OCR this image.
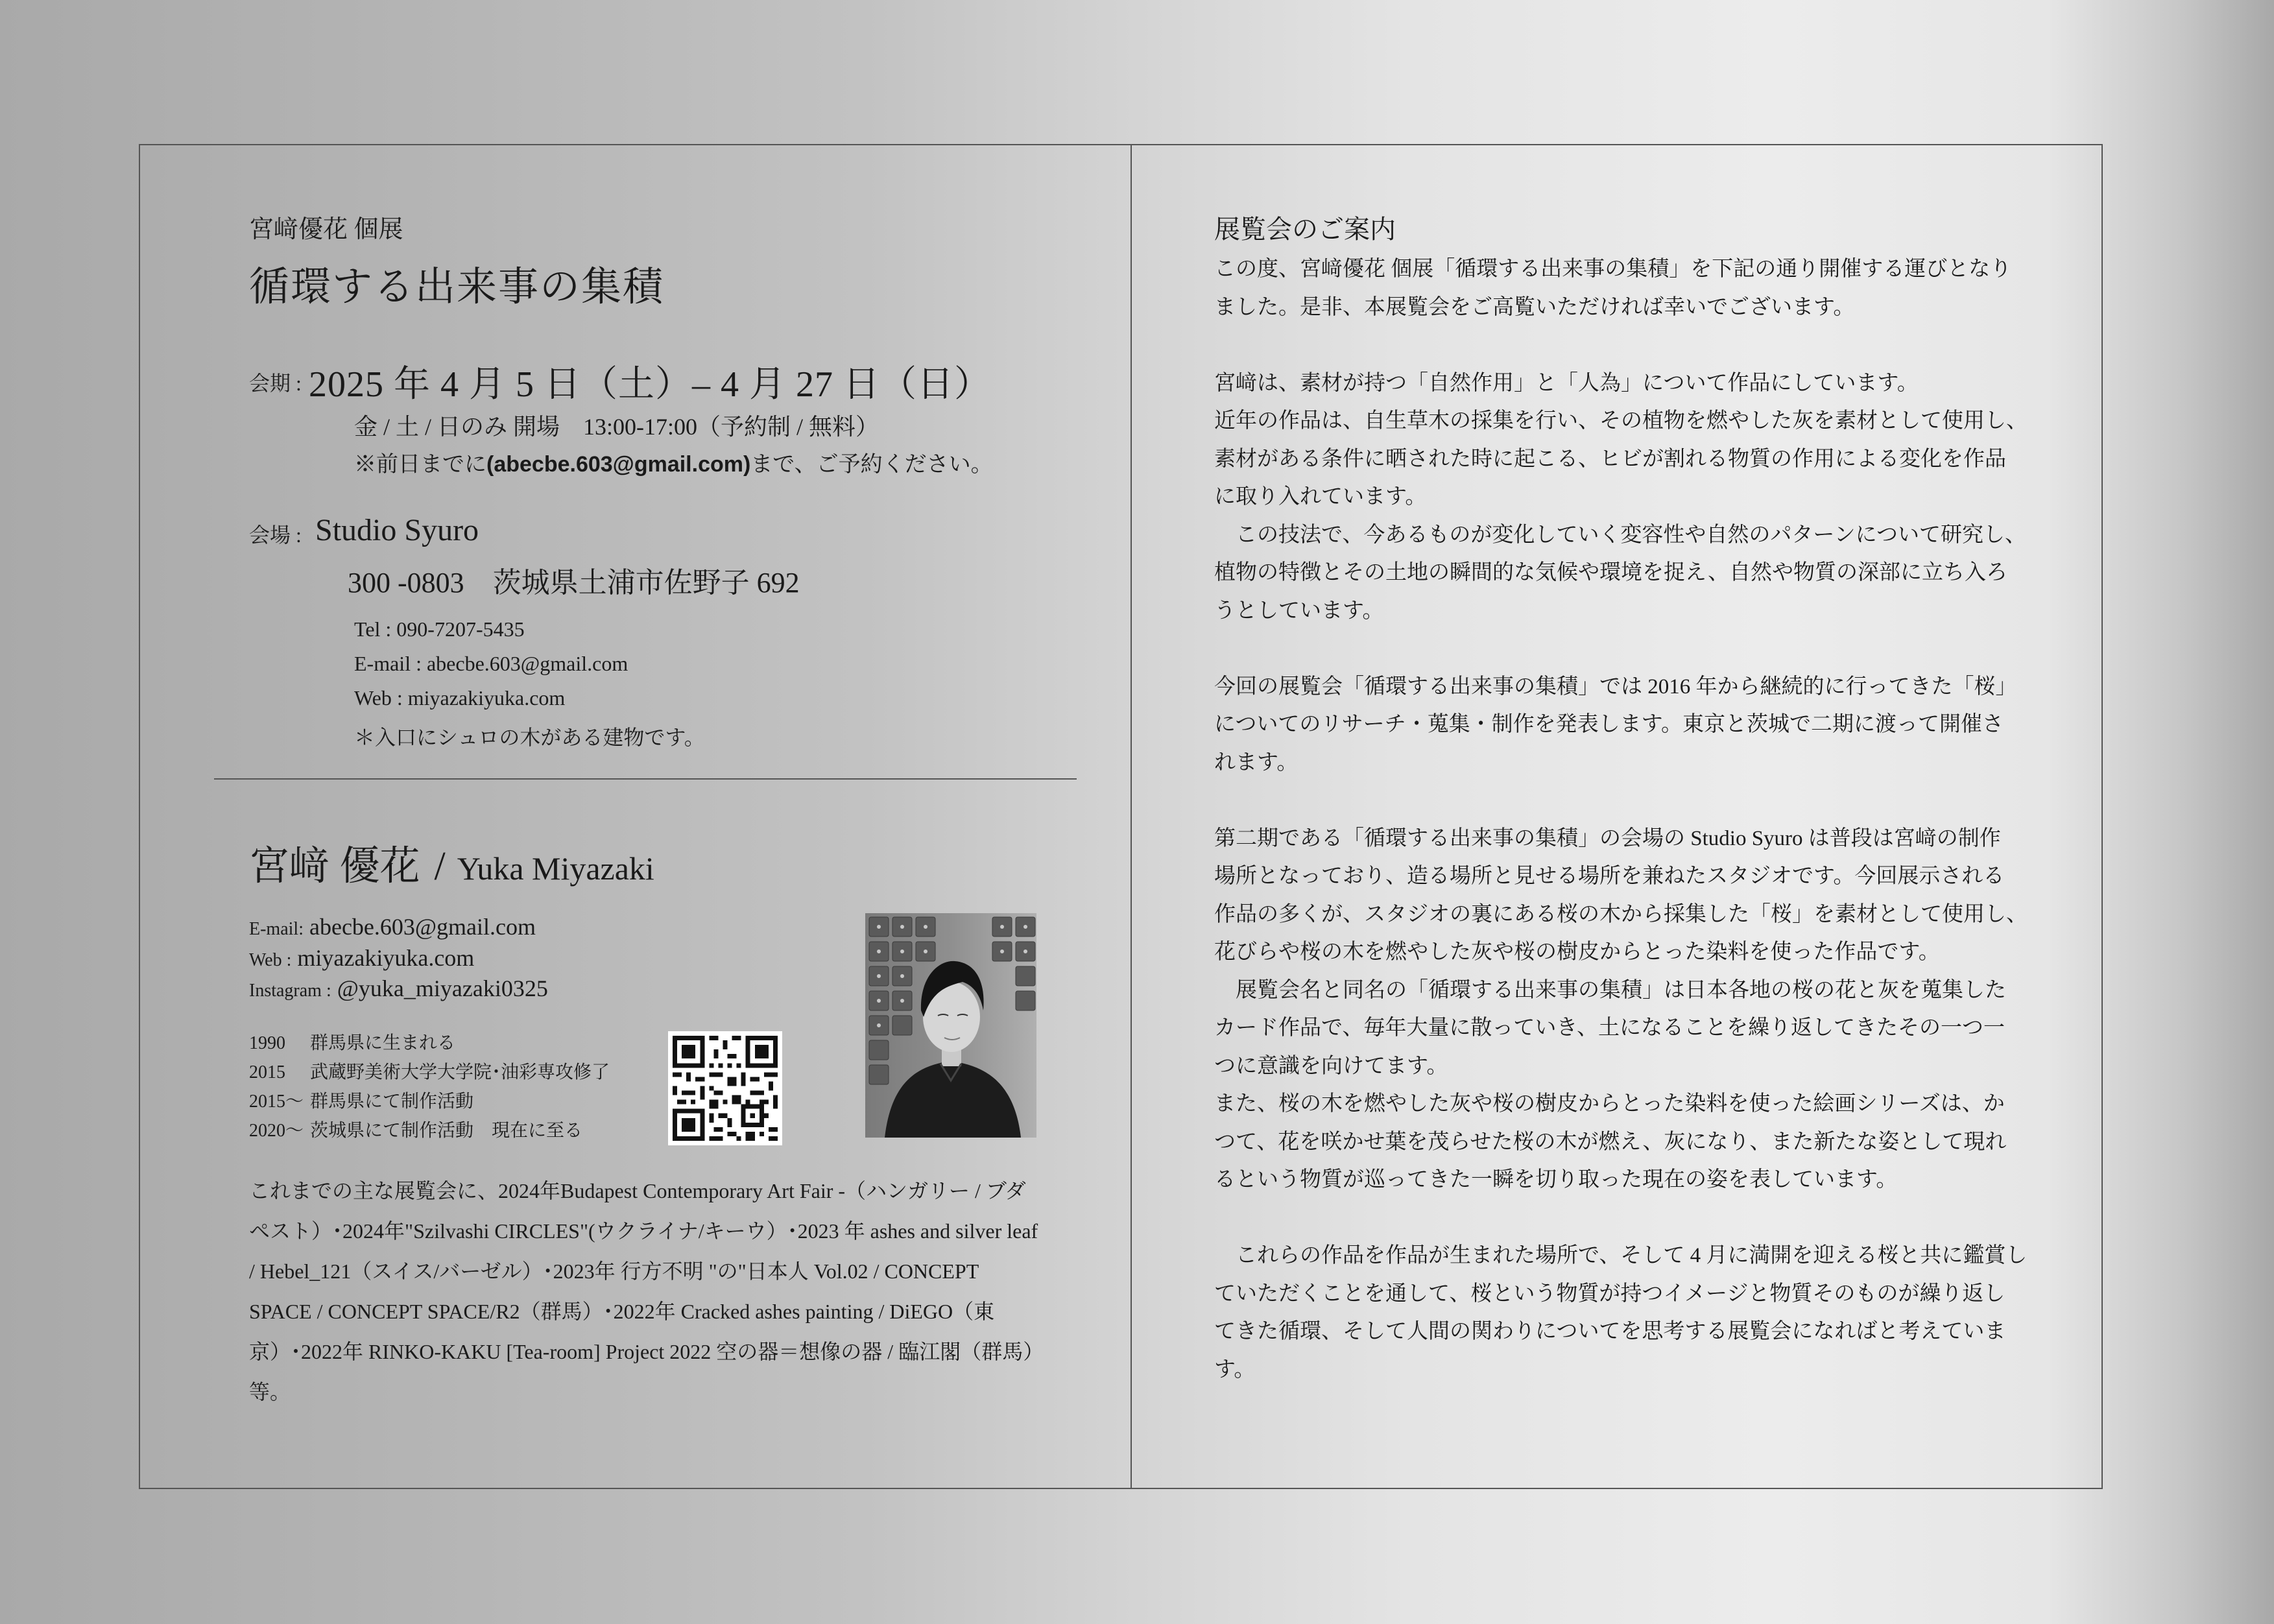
宮﨑優花 個展
循環する出来事の集積
会期 : 2025 年 4 月 5 日（土）– 4 月 27 日（日）
金 / 土 / 日のみ 開場　13:00-17:00（予約制 / 無料）
※前日までに(abecbe.603@gmail.com)まで、ご予約ください。
会場 : Studio Syuro
300 -0803　茨城県土浦市佐野子 692
Tel : 090-7207-5435
E-mail : abecbe.603@gmail.com
Web : miyazakiyuka.com
＊入口にシュロの木がある建物です。
宮﨑 優花 / Yuka Miyazaki
E-mail: abecbe.603@gmail.com
Web : miyazakiyuka.com
Instagram : @yuka_miyazaki0325
1990 群馬県に生まれる
2015 武蔵野美術大学大学院･油彩専攻修了
2015〜 群馬県にて制作活動
2020〜 茨城県にて制作活動　現在に至る
これまでの主な展覧会に、2024年Budapest Contemporary Art Fair -（ハンガリー / ブダペスト）･2024年"Szilvashi CIRCLES"(ウクライナ/キーウ）･2023 年 ashes and silver leaf / Hebel_121（スイス/バーゼル）･2023年 行方不明 "の"日本人 Vol.02 / CONCEPT SPACE / CONCEPT SPACE/R2（群馬）･2022年 Cracked ashes painting / DiEGO（東京）･2022年 RINKO-KAKU [Tea-room] Project 2022 空の器＝想像の器 / 臨江閣（群馬）等。
展覧会のご案内
この度、宮﨑優花 個展「循環する出来事の集積」を下記の通り開催する運びとなり
ました。是非、本展覧会をご高覧いただければ幸いでございます。
宮﨑は、素材が持つ「自然作用」と「人為」について作品にしています。
近年の作品は、自生草木の採集を行い、その植物を燃やした灰を素材として使用し、
素材がある条件に晒された時に起こる、ヒビが割れる物質の作用による変化を作品
に取り入れています。
　この技法で、今あるものが変化していく変容性や自然のパターンについて研究し、
植物の特徴とその土地の瞬間的な気候や環境を捉え、自然や物質の深部に立ち入ろ
うとしています。
今回の展覧会「循環する出来事の集積」では 2016 年から継続的に行ってきた「桜」
についてのリサーチ・蒐集・制作を発表します。東京と茨城で二期に渡って開催さ
れます。
第二期である「循環する出来事の集積」の会場の Studio Syuro は普段は宮﨑の制作
場所となっており、造る場所と見せる場所を兼ねたスタジオです。今回展示される
作品の多くが、スタジオの裏にある桜の木から採集した「桜」を素材として使用し、
花びらや桜の木を燃やした灰や桜の樹皮からとった染料を使った作品です。
　展覧会名と同名の「循環する出来事の集積」は日本各地の桜の花と灰を蒐集した
カード作品で、毎年大量に散っていき、土になることを繰り返してきたその一つ一
つに意識を向けてます。
また、桜の木を燃やした灰や桜の樹皮からとった染料を使った絵画シリーズは、か
つて、花を咲かせ葉を茂らせた桜の木が燃え、灰になり、また新たな姿として現れ
るという物質が巡ってきた一瞬を切り取った現在の姿を表しています。
　これらの作品を作品が生まれた場所で、そして 4 月に満開を迎える桜と共に鑑賞し
ていただくことを通して、桜という物質が持つイメージと物質そのものが繰り返し
てきた循環、そして人間の関わりについてを思考する展覧会になればと考えていま
す。
